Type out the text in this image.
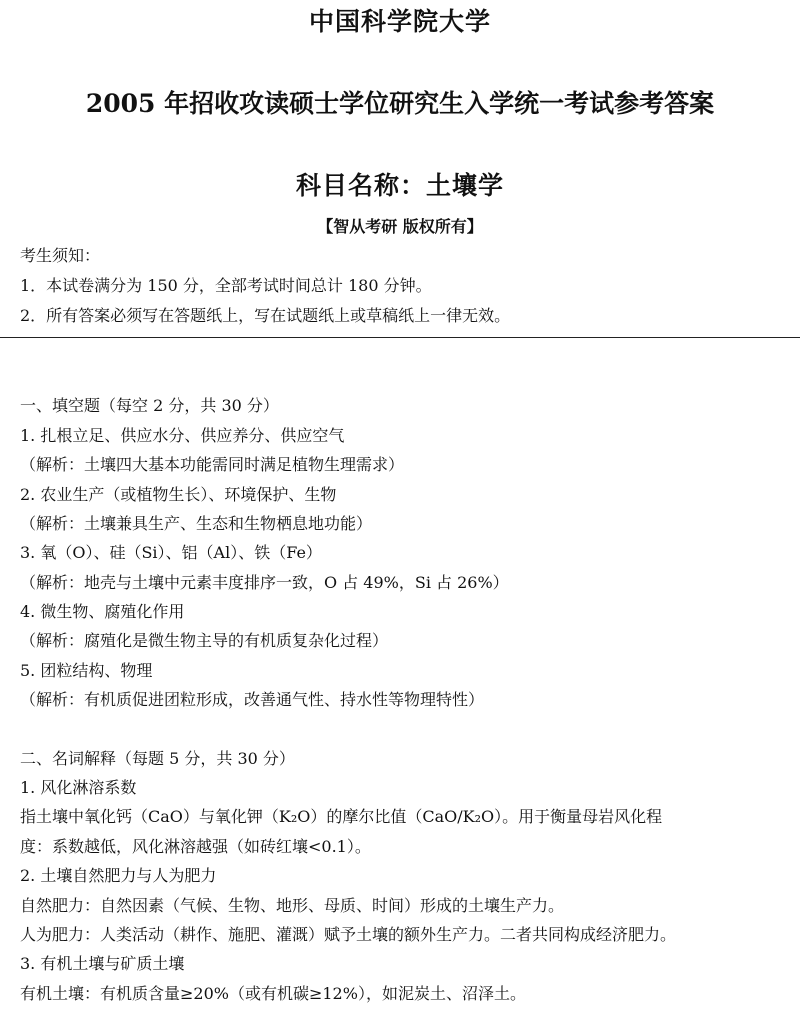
中国科学院大学
2005 年招收攻读硕士学位研究生入学统一考试参考答案
科目名称：土壤学
【智从考研 版权所有】
考生须知：
1．本试卷满分为 150 分，全部考试时间总计 180 分钟。
2．所有答案必须写在答题纸上，写在试题纸上或草稿纸上一律无效。
一、填空题（每空 2 分，共 30 分）
1. 扎根立足、供应水分、供应养分、供应空气
（解析：土壤四大基本功能需同时满足植物生理需求）
2. 农业生产（或植物生长）、环境保护、生物
（解析：土壤兼具生产、生态和生物栖息地功能）
3. 氧（O）、硅（Si）、铝（Al）、铁（Fe）
（解析：地壳与土壤中元素丰度排序一致，O 占 49%，Si 占 26%）
4. 微生物、腐殖化作用
（解析：腐殖化是微生物主导的有机质复杂化过程）
5. 团粒结构、物理
（解析：有机质促进团粒形成，改善通气性、持水性等物理特性）
二、名词解释（每题 5 分，共 30 分）
1. 风化淋溶系数
指土壤中氧化钙（CaO）与氧化钾（K₂O）的摩尔比值（CaO/K₂O）。用于衡量母岩风化程
度：系数越低，风化淋溶越强（如砖红壤<0.1）。
2. 土壤自然肥力与人为肥力
自然肥力：自然因素（气候、生物、地形、母质、时间）形成的土壤生产力。
人为肥力：人类活动（耕作、施肥、灌溉）赋予土壤的额外生产力。二者共同构成经济肥力。
3. 有机土壤与矿质土壤
有机土壤：有机质含量≥20%（或有机碳≥12%），如泥炭土、沼泽土。
